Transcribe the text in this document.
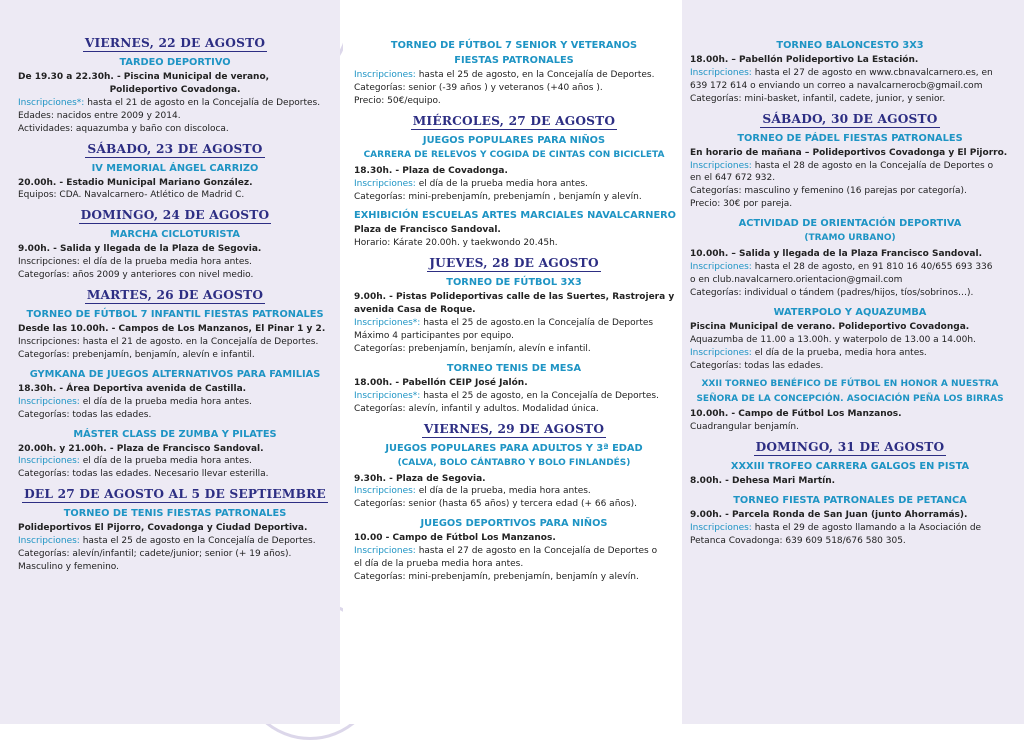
VIERNES, 22 DE AGOSTO
TARDEO DEPORTIVO
De 19.30 a 22.30h. - Piscina Municipal de verano,
Polideportivo Covadonga.
Inscripciones*: hasta el 21 de agosto en la Concejalía de Deportes.
Edades: nacidos entre 2009 y 2014.
Actividades: aquazumba y baño con discoloca.
SÁBADO, 23 DE AGOSTO
IV MEMORIAL ÁNGEL CARRIZO
20.00h. - Estadio Municipal Mariano González.
Equipos: CDA. Navalcarnero- Atlético de Madrid C.
DOMINGO, 24 DE AGOSTO
MARCHA CICLOTURISTA
9.00h. - Salida y llegada de la Plaza de Segovia.
Inscripciones: el día de la prueba media hora antes.
Categorías: años 2009 y anteriores con nivel medio.
MARTES, 26 DE AGOSTO
TORNEO DE FÚTBOL 7 INFANTIL FIESTAS PATRONALES
Desde las 10.00h. - Campos de Los Manzanos, El Pinar 1 y 2.
Inscripciones: hasta el 21 de agosto. en la Concejalía de Deportes.
Categorías: prebenjamín, benjamín, alevín e infantil.
GYMKANA DE JUEGOS ALTERNATIVOS PARA FAMILIAS
18.30h. - Área Deportiva avenida de Castilla.
Inscripciones: el día de la prueba media hora antes.
Categorías: todas las edades.
MÁSTER CLASS DE ZUMBA Y PILATES
20.00h. y 21.00h. - Plaza de Francisco Sandoval.
Inscripciones: el día de la prueba media hora antes.
Categorías: todas las edades. Necesario llevar esterilla.
DEL 27 DE AGOSTO AL 5 DE SEPTIEMBRE
TORNEO DE TENIS FIESTAS PATRONALES
Polideportivos El Pijorro, Covadonga y Ciudad Deportiva.
Inscripciones: hasta el 25 de agosto en la Concejalía de Deportes.
Categorías: alevín/infantil; cadete/junior; senior (+ 19 años).
Masculino y femenino.
TORNEO DE FÚTBOL 7 SENIOR Y VETERANOS
FIESTAS PATRONALES
Inscripciones: hasta el 25 de agosto, en la Concejalía de Deportes.
Categorías: senior (-39 años ) y veteranos (+40 años ).
Precio: 50€/equipo.
MIÉRCOLES, 27 DE AGOSTO
JUEGOS POPULARES PARA NIÑOS
CARRERA DE RELEVOS Y COGIDA DE CINTAS CON BICICLETA
18.30h. - Plaza de Covadonga.
Inscripciones: el día de la prueba media hora antes.
Categorías: mini-prebenjamín, prebenjamín , benjamín y alevín.
EXHIBICIÓN ESCUELAS ARTES MARCIALES NAVALCARNERO
Plaza de Francisco Sandoval.
Horario: Kárate 20.00h. y taekwondo 20.45h.
JUEVES, 28 DE AGOSTO
TORNEO DE FÚTBOL 3X3
9.00h. - Pistas Polideportivas calle de las Suertes, Rastrojera y
avenida Casa de Roque.
Inscripciones*: hasta el 25 de agosto.en la Concejalía de Deportes
Máximo 4 participantes por equipo.
Categorías: prebenjamín, benjamín, alevín e infantil.
TORNEO TENIS DE MESA
18.00h. - Pabellón CEIP José Jalón.
Inscripciones*: hasta el 25 de agosto, en la Concejalía de Deportes.
Categorías: alevín, infantil y adultos. Modalidad única.
VIERNES, 29 DE AGOSTO
JUEGOS POPULARES PARA ADULTOS Y 3ª EDAD
(CALVA, BOLO CÁNTABRO Y BOLO FINLANDÉS)
9.30h. - Plaza de Segovia.
Inscripciones: el día de la prueba, media hora antes.
Categorías: senior (hasta 65 años) y tercera edad (+ 66 años).
JUEGOS DEPORTIVOS PARA NIÑOS
10.00 - Campo de Fútbol Los Manzanos.
Inscripciones: hasta el 27 de agosto en la Concejalía de Deportes o
el día de la prueba media hora antes.
Categorías: mini-prebenjamín, prebenjamín, benjamín y alevín.
TORNEO BALONCESTO 3X3
18.00h. – Pabellón Polideportivo La Estación.
Inscripciones: hasta el 27 de agosto en www.cbnavalcarnero.es, en
639 172 614 o enviando un correo a navalcarnerocb@gmail.com
Categorías: mini-basket, infantil, cadete, junior, y senior.
SÁBADO, 30 DE AGOSTO
TORNEO DE PÁDEL FIESTAS PATRONALES
En horario de mañana – Polideportivos Covadonga y El Pijorro.
Inscripciones: hasta el 28 de agosto en la Concejalía de Deportes o
en el 647 672 932.
Categorías: masculino y femenino (16 parejas por categoría).
Precio: 30€ por pareja.
ACTIVIDAD DE ORIENTACIÓN DEPORTIVA
(TRAMO URBANO)
10.00h. – Salida y llegada de la Plaza Francisco Sandoval.
Inscripciones: hasta el 28 de agosto, en 91 810 16 40/655 693 336
o en club.navalcarnero.orientacion@gmail.com
Categorías: individual o tándem (padres/hijos, tíos/sobrinos…).
WATERPOLO Y AQUAZUMBA
Piscina Municipal de verano. Polideportivo Covadonga.
Aquazumba de 11.00 a 13.00h. y waterpolo de 13.00 a 14.00h.
Inscripciones: el día de la prueba, media hora antes.
Categorías: todas las edades.
XXII TORNEO BENÉFICO DE FÚTBOL EN HONOR A NUESTRA
SEÑORA DE LA CONCEPCIÓN. ASOCIACIÓN PEÑA LOS BIRRAS
10.00h. - Campo de Fútbol Los Manzanos.
Cuadrangular benjamín.
DOMINGO, 31 DE AGOSTO
XXXIII TROFEO CARRERA GALGOS EN PISTA
8.00h. - Dehesa Mari Martín.
TORNEO FIESTA PATRONALES DE PETANCA
9.00h. - Parcela Ronda de San Juan (junto Ahorramás).
Inscripciones: hasta el 29 de agosto llamando a la Asociación de
Petanca Covadonga: 639 609 518/676 580 305.
